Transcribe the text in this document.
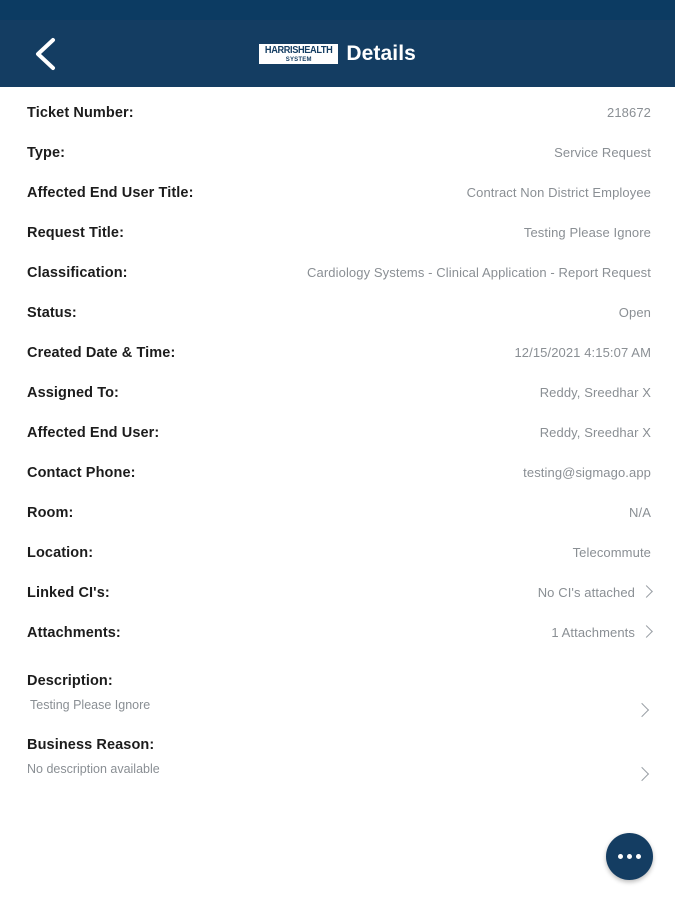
HARRISHEALTH
SYSTEM Details
Ticket Number:	218672
Type:	Service Request
Affected End User Title:	Contract Non District Employee
Request Title:	Testing Please Ignore
Classification:	Cardiology Systems - Clinical Application - Report Request
Status:	Open
Created Date & Time:	12/15/2021 4:15:07 AM
Assigned To:	Reddy, Sreedhar X
Affected End User:	Reddy, Sreedhar X
Contact Phone:	testing@sigmago.app
Room:	N/A
Location:	Telecommute
Linked CI's:	No CI's attached
Attachments:	1 Attachments
Description:
Testing Please Ignore
Business Reason:
No description available
